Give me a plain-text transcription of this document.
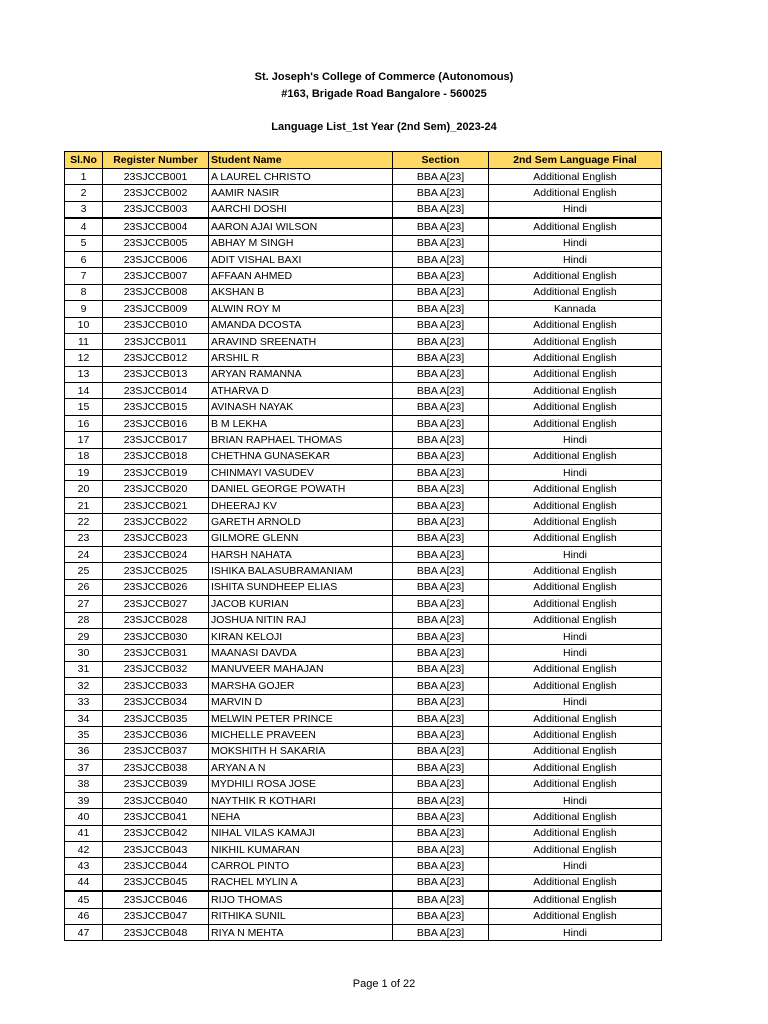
St. Joseph's College of Commerce (Autonomous)
#163, Brigade Road Bangalore - 560025
Language List_1st Year (2nd Sem)_2023-24
Sl.No	Register Number	Student Name	Section	2nd Sem Language Final
1	23SJCCB001	A LAUREL CHRISTO	BBA A[23]	Additional English
2	23SJCCB002	AAMIR NASIR	BBA A[23]	Additional English
3	23SJCCB003	AARCHI DOSHI	BBA A[23]	Hindi
4	23SJCCB004	AARON AJAI WILSON	BBA A[23]	Additional English
5	23SJCCB005	ABHAY M SINGH	BBA A[23]	Hindi
6	23SJCCB006	ADIT VISHAL BAXI	BBA A[23]	Hindi
7	23SJCCB007	AFFAAN AHMED	BBA A[23]	Additional English
8	23SJCCB008	AKSHAN B	BBA A[23]	Additional English
9	23SJCCB009	ALWIN ROY M	BBA A[23]	Kannada
10	23SJCCB010	AMANDA DCOSTA	BBA A[23]	Additional English
11	23SJCCB011	ARAVIND SREENATH	BBA A[23]	Additional English
12	23SJCCB012	ARSHIL R	BBA A[23]	Additional English
13	23SJCCB013	ARYAN RAMANNA	BBA A[23]	Additional English
14	23SJCCB014	ATHARVA D	BBA A[23]	Additional English
15	23SJCCB015	AVINASH NAYAK	BBA A[23]	Additional English
16	23SJCCB016	B M LEKHA	BBA A[23]	Additional English
17	23SJCCB017	BRIAN RAPHAEL THOMAS	BBA A[23]	Hindi
18	23SJCCB018	CHETHNA GUNASEKAR	BBA A[23]	Additional English
19	23SJCCB019	CHINMAYI VASUDEV	BBA A[23]	Hindi
20	23SJCCB020	DANIEL GEORGE POWATH	BBA A[23]	Additional English
21	23SJCCB021	DHEERAJ KV	BBA A[23]	Additional English
22	23SJCCB022	GARETH ARNOLD	BBA A[23]	Additional English
23	23SJCCB023	GILMORE GLENN	BBA A[23]	Additional English
24	23SJCCB024	HARSH NAHATA	BBA A[23]	Hindi
25	23SJCCB025	ISHIKA BALASUBRAMANIAM	BBA A[23]	Additional English
26	23SJCCB026	ISHITA SUNDHEEP ELIAS	BBA A[23]	Additional English
27	23SJCCB027	JACOB KURIAN	BBA A[23]	Additional English
28	23SJCCB028	JOSHUA NITIN RAJ	BBA A[23]	Additional English
29	23SJCCB030	KIRAN KELOJI	BBA A[23]	Hindi
30	23SJCCB031	MAANASI DAVDA	BBA A[23]	Hindi
31	23SJCCB032	MANUVEER MAHAJAN	BBA A[23]	Additional English
32	23SJCCB033	MARSHA GOJER	BBA A[23]	Additional English
33	23SJCCB034	MARVIN D	BBA A[23]	Hindi
34	23SJCCB035	MELWIN PETER PRINCE	BBA A[23]	Additional English
35	23SJCCB036	MICHELLE PRAVEEN	BBA A[23]	Additional English
36	23SJCCB037	MOKSHITH H SAKARIA	BBA A[23]	Additional English
37	23SJCCB038	ARYAN A N	BBA A[23]	Additional English
38	23SJCCB039	MYDHILI ROSA JOSE	BBA A[23]	Additional English
39	23SJCCB040	NAYTHIK R KOTHARI	BBA A[23]	Hindi
40	23SJCCB041	NEHA	BBA A[23]	Additional English
41	23SJCCB042	NIHAL VILAS KAMAJI	BBA A[23]	Additional English
42	23SJCCB043	NIKHIL KUMARAN	BBA A[23]	Additional English
43	23SJCCB044	CARROL PINTO	BBA A[23]	Hindi
44	23SJCCB045	RACHEL MYLIN A	BBA A[23]	Additional English
45	23SJCCB046	RIJO THOMAS	BBA A[23]	Additional English
46	23SJCCB047	RITHIKA SUNIL	BBA A[23]	Additional English
47	23SJCCB048	RIYA N MEHTA	BBA A[23]	Hindi
Page 1 of 22
